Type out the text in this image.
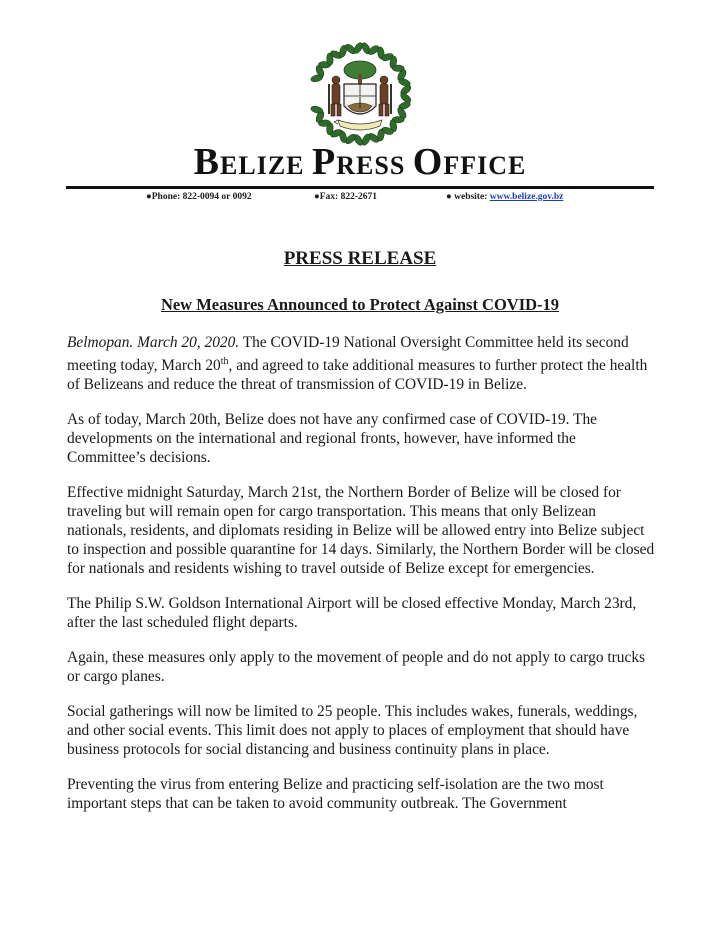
BELIZE PRESS OFFICE
●Phone: 822-0094 or 0092	●Fax: 822-2671	● website: www.belize.gov.bz
PRESS RELEASE
New Measures Announced to Protect Against COVID-19

Belmopan. March 20, 2020. The COVID-19 National Oversight Committee held its second meeting today, March 20th, and agreed to take additional measures to further protect the health of Belizeans and reduce the threat of transmission of COVID-19 in Belize.

As of today, March 20th, Belize does not have any confirmed case of COVID-19. The developments on the international and regional fronts, however, have informed the Committee’s decisions.

Effective midnight Saturday, March 21st, the Northern Border of Belize will be closed for traveling but will remain open for cargo transportation. This means that only Belizean nationals, residents, and diplomats residing in Belize will be allowed entry into Belize subject to inspection and possible quarantine for 14 days. Similarly, the Northern Border will be closed for nationals and residents wishing to travel outside of Belize except for emergencies.

The Philip S.W. Goldson International Airport will be closed effective Monday, March 23rd, after the last scheduled flight departs.

Again, these measures only apply to the movement of people and do not apply to cargo trucks or cargo planes.

Social gatherings will now be limited to 25 people. This includes wakes, funerals, weddings, and other social events. This limit does not apply to places of employment that should have business protocols for social distancing and business continuity plans in place.

Preventing the virus from entering Belize and practicing self-isolation are the two most important steps that can be taken to avoid community outbreak. The Government
